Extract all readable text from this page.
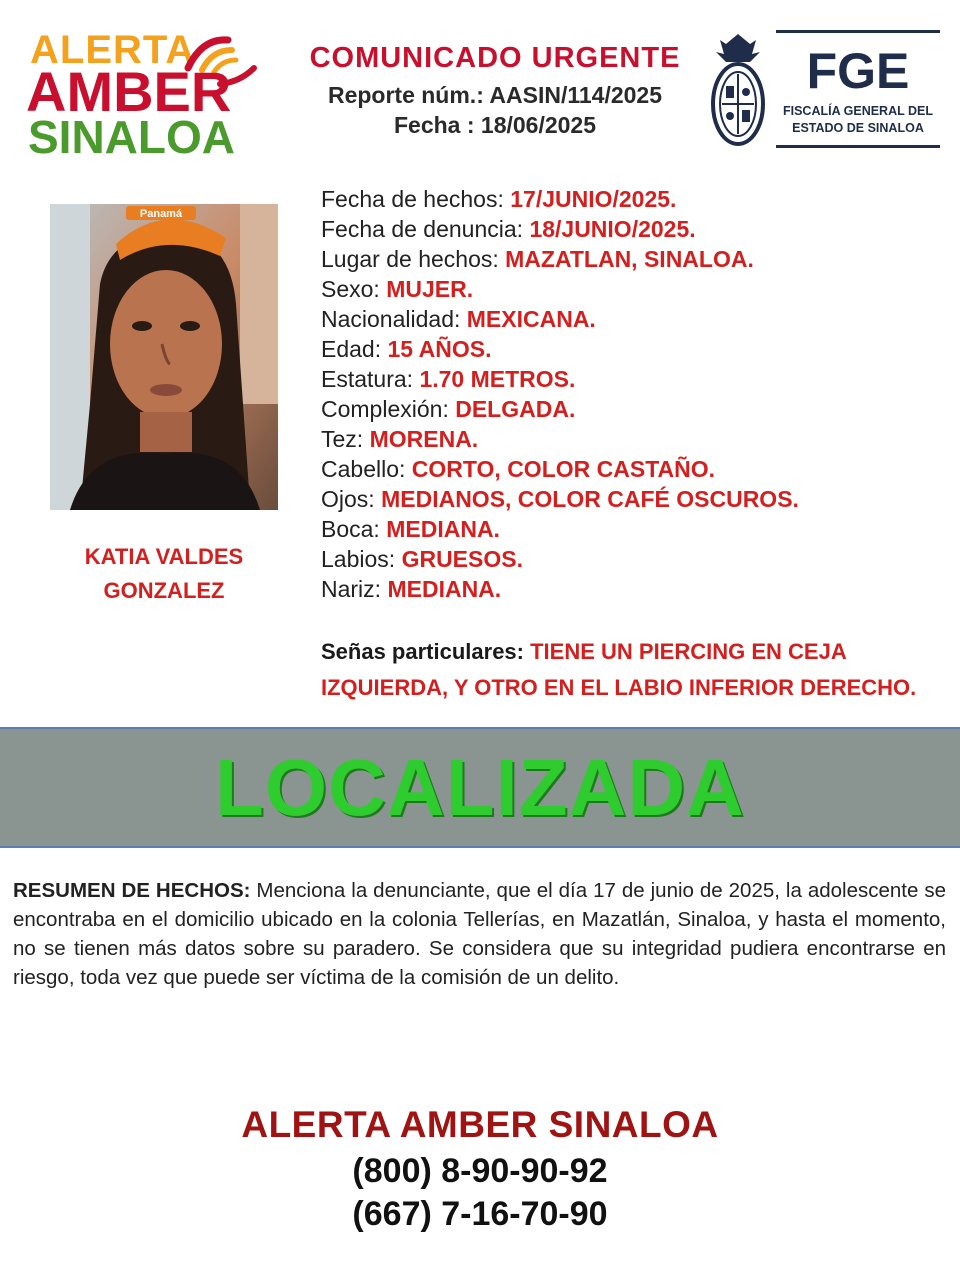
ALERTA
AMBER
SINALOA
COMUNICADO URGENTE
Reporte núm.: AASIN/114/2025
Fecha : 18/06/2025
FGE
FISCALÍA GENERAL DEL
ESTADO DE SINALOA
Panamá
KATIA VALDES
GONZALEZ
Fecha de hechos: 17/JUNIO/2025.
Fecha de denuncia: 18/JUNIO/2025.
Lugar de hechos: MAZATLAN, SINALOA.
Sexo: MUJER.
Nacionalidad: MEXICANA.
Edad: 15 AÑOS.
Estatura: 1.70 METROS.
Complexión: DELGADA.
Tez: MORENA.
Cabello: CORTO, COLOR CASTAÑO.
Ojos: MEDIANOS, COLOR CAFÉ OSCUROS.
Boca: MEDIANA.
Labios: GRUESOS.
Nariz: MEDIANA.
Señas particulares: TIENE UN PIERCING EN CEJA IZQUIERDA, Y OTRO EN EL LABIO INFERIOR DERECHO.
LOCALIZADA
RESUMEN DE HECHOS: Menciona la denunciante, que el día 17 de junio de 2025, la adolescente se encontraba en el domicilio ubicado en la colonia Tellerías, en Mazatlán, Sinaloa, y hasta el momento, no se tienen más datos sobre su paradero. Se considera que su integridad pudiera encontrarse en riesgo, toda vez que puede ser víctima de la comisión de un delito.
ALERTA AMBER SINALOA
(800) 8-90-90-92
(667) 7-16-70-90
